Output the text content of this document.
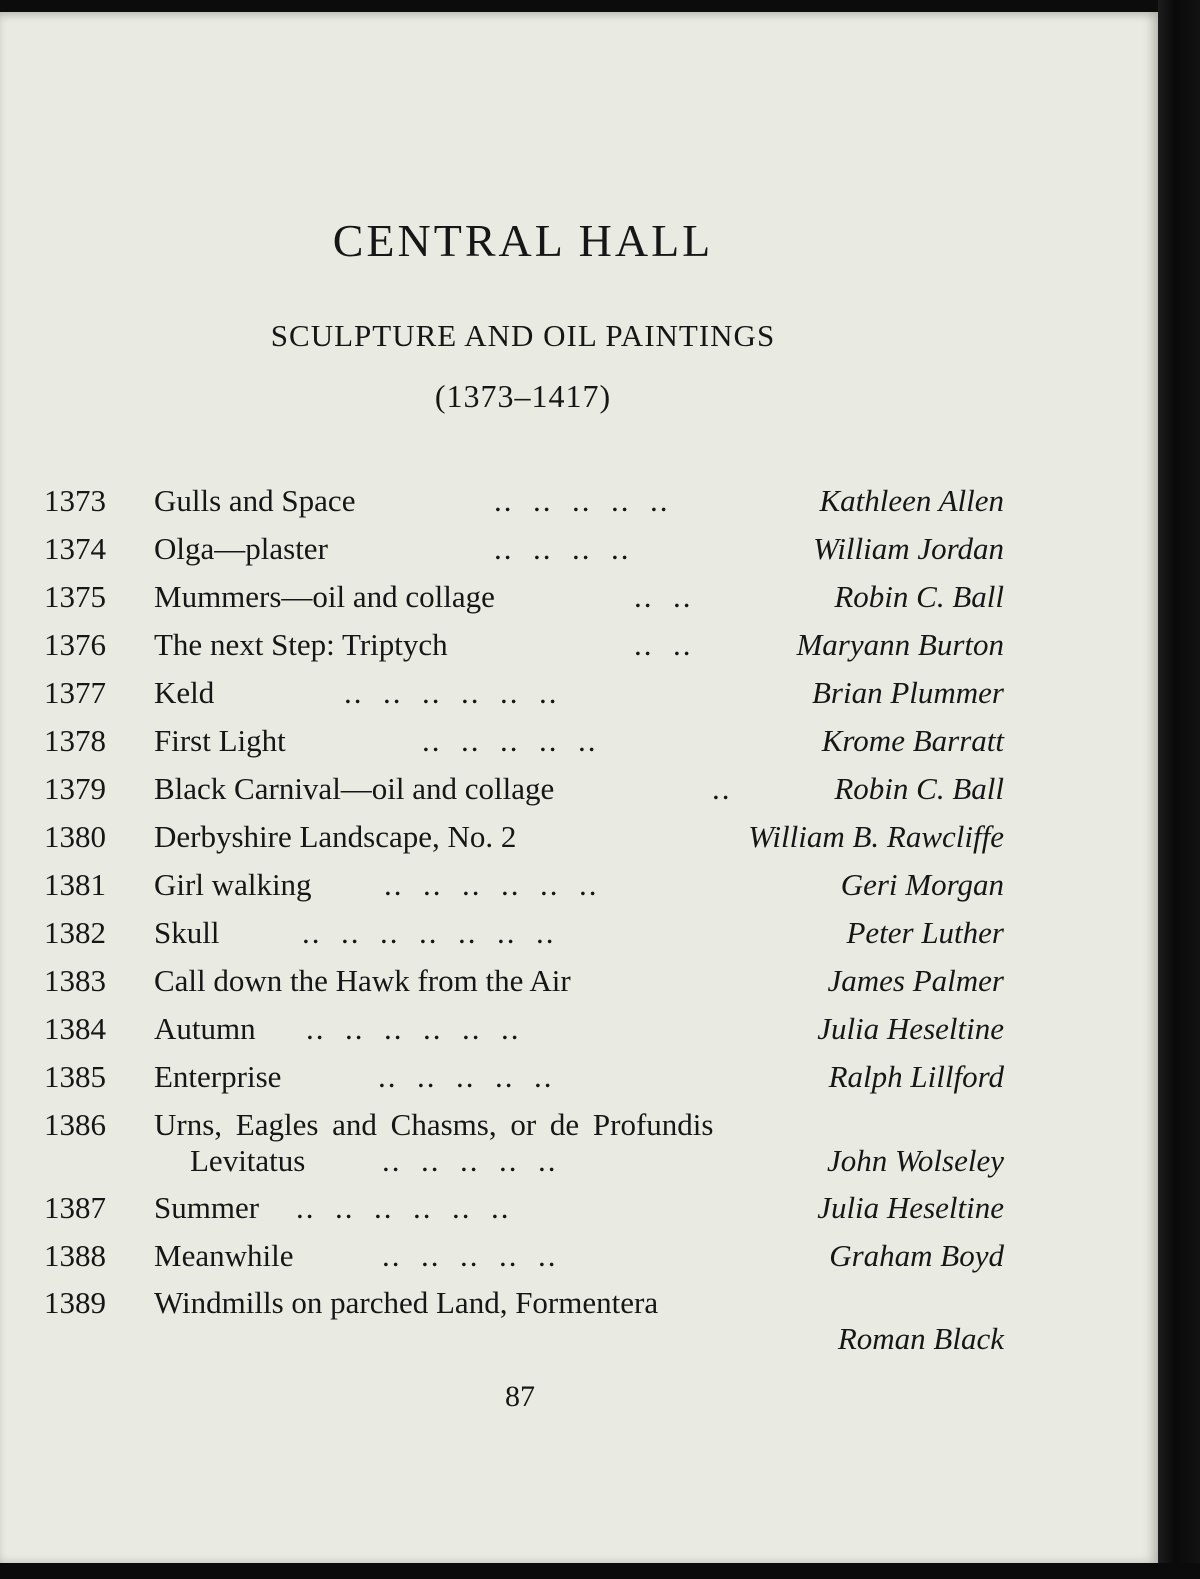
CENTRAL HALL
SCULPTURE AND OIL PAINTINGS
(1373–1417)
1373	Gulls and Space	..  ..  ..  ..  ..	Kathleen Allen
1374	Olga—plaster	..  ..  ..  ..	William Jordan
1375	Mummers—oil and collage	..  ..	Robin C. Ball
1376	The next Step: Triptych	..  ..	Maryann Burton
1377	Keld	..  ..  ..  ..  ..  ..	Brian Plummer
1378	First Light	..  ..  ..  ..  ..	Krome Barratt
1379	Black Carnival—oil and collage	..	Robin C. Ball
1380	Derbyshire Landscape, No. 2	William B. Rawcliffe
1381	Girl walking ..  ..  ..  ..  ..  ..	Geri Morgan
1382	Skull	..  ..  ..  ..  ..  ..  ..	Peter Luther
1383	Call down the Hawk from the Air	James Palmer
1384	Autumn ..  ..  ..  ..  ..  ..	Julia Heseltine
1385	Enterprise	..  ..  ..  ..  ..	Ralph Lillford
1386	Urns, Eagles and Chasms, or de Profundis
Levitatus ..  ..  ..  ..  ..	John Wolseley
1387	Summer ..  ..  ..  ..  ..  ..	Julia Heseltine
1388	Meanwhile	..  ..  ..  ..  ..	Graham Boyd
1389	Windmills on parched Land, Formentera
Roman Black
87
